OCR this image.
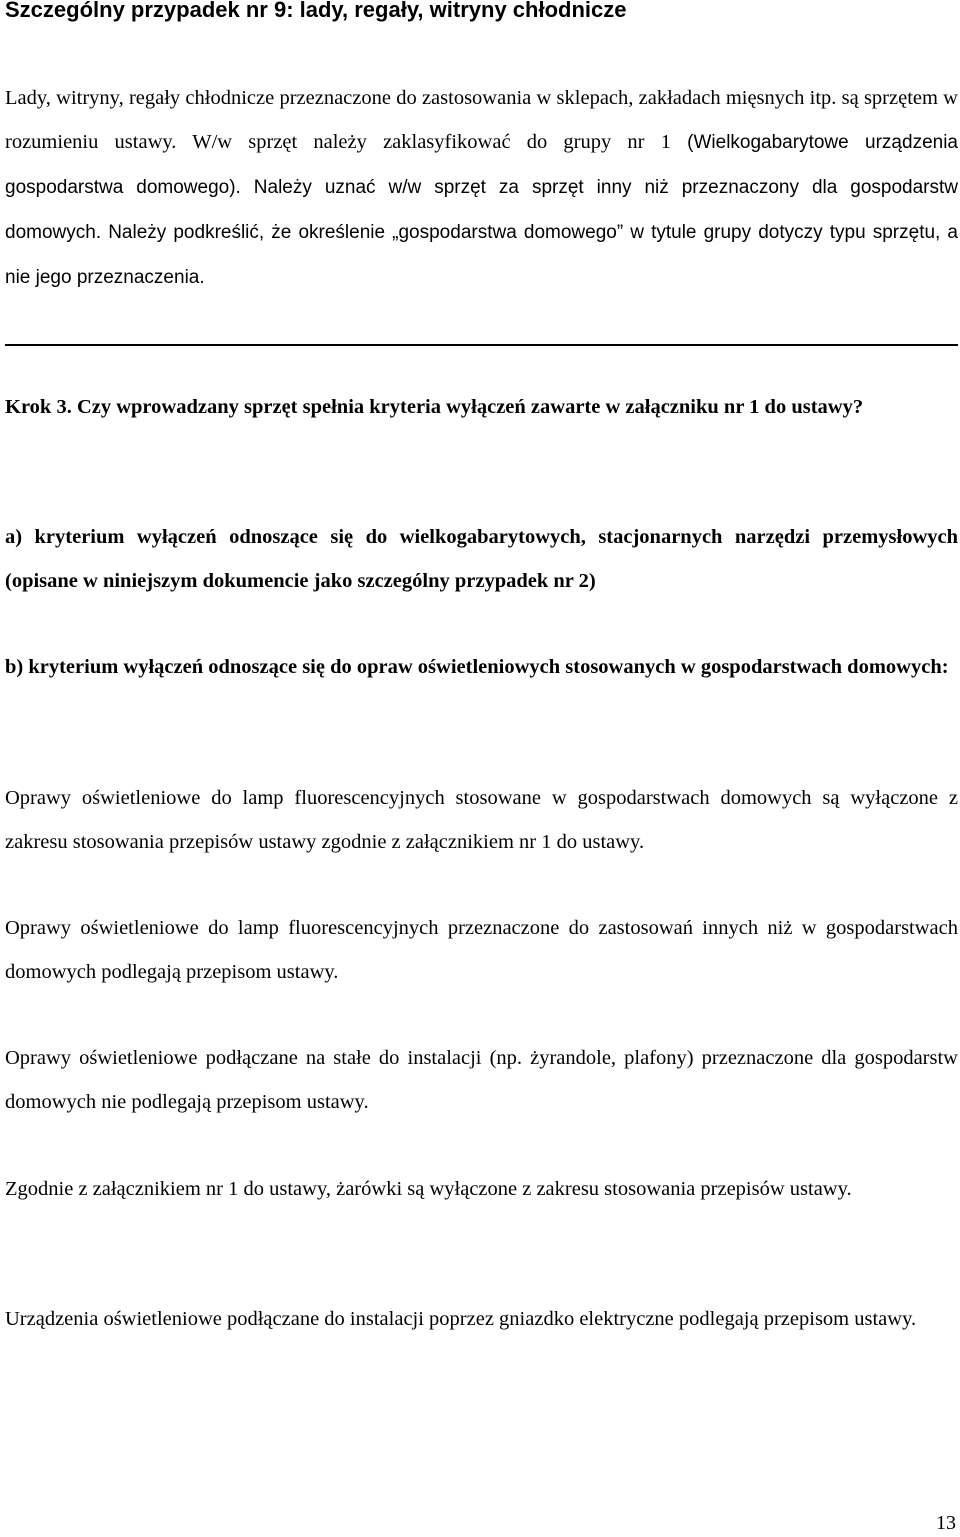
Szczególny przypadek nr 9: lady, regały, witryny chłodnicze

Lady, witryny, regały chłodnicze przeznaczone do zastosowania w sklepach, zakładach mięsnych itp. są sprzętem w rozumieniu ustawy. W/w sprzęt należy zaklasyfikować do grupy nr 1 (Wielkogabarytowe urządzenia gospodarstwa domowego). Należy uznać w/w sprzęt za sprzęt inny niż przeznaczony dla gospodarstw domowych. Należy podkreślić, że określenie „gospodarstwa domowego” w tytule grupy dotyczy typu sprzętu, a nie jego przeznaczenia.

Krok 3. Czy wprowadzany sprzęt spełnia kryteria wyłączeń zawarte w załączniku nr 1 do ustawy?

a) kryterium wyłączeń odnoszące się do wielkogabarytowych, stacjonarnych narzędzi przemysłowych (opisane w niniejszym dokumencie jako szczególny przypadek nr 2)

b) kryterium wyłączeń odnoszące się do opraw oświetleniowych stosowanych w gospodarstwach domowych:

Oprawy oświetleniowe do lamp fluorescencyjnych stosowane w gospodarstwach domowych są wyłączone z zakresu stosowania przepisów ustawy zgodnie z załącznikiem nr 1 do ustawy.

Oprawy oświetleniowe do lamp fluorescencyjnych przeznaczone do zastosowań innych niż w gospodarstwach domowych podlegają przepisom ustawy.

Oprawy oświetleniowe podłączane na stałe do instalacji (np. żyrandole, plafony) przeznaczone dla gospodarstw domowych nie podlegają przepisom ustawy.

Zgodnie z załącznikiem nr 1 do ustawy, żarówki są wyłączone z zakresu stosowania przepisów ustawy.

Urządzenia oświetleniowe podłączane do instalacji poprzez gniazdko elektryczne podlegają przepisom ustawy.

13
